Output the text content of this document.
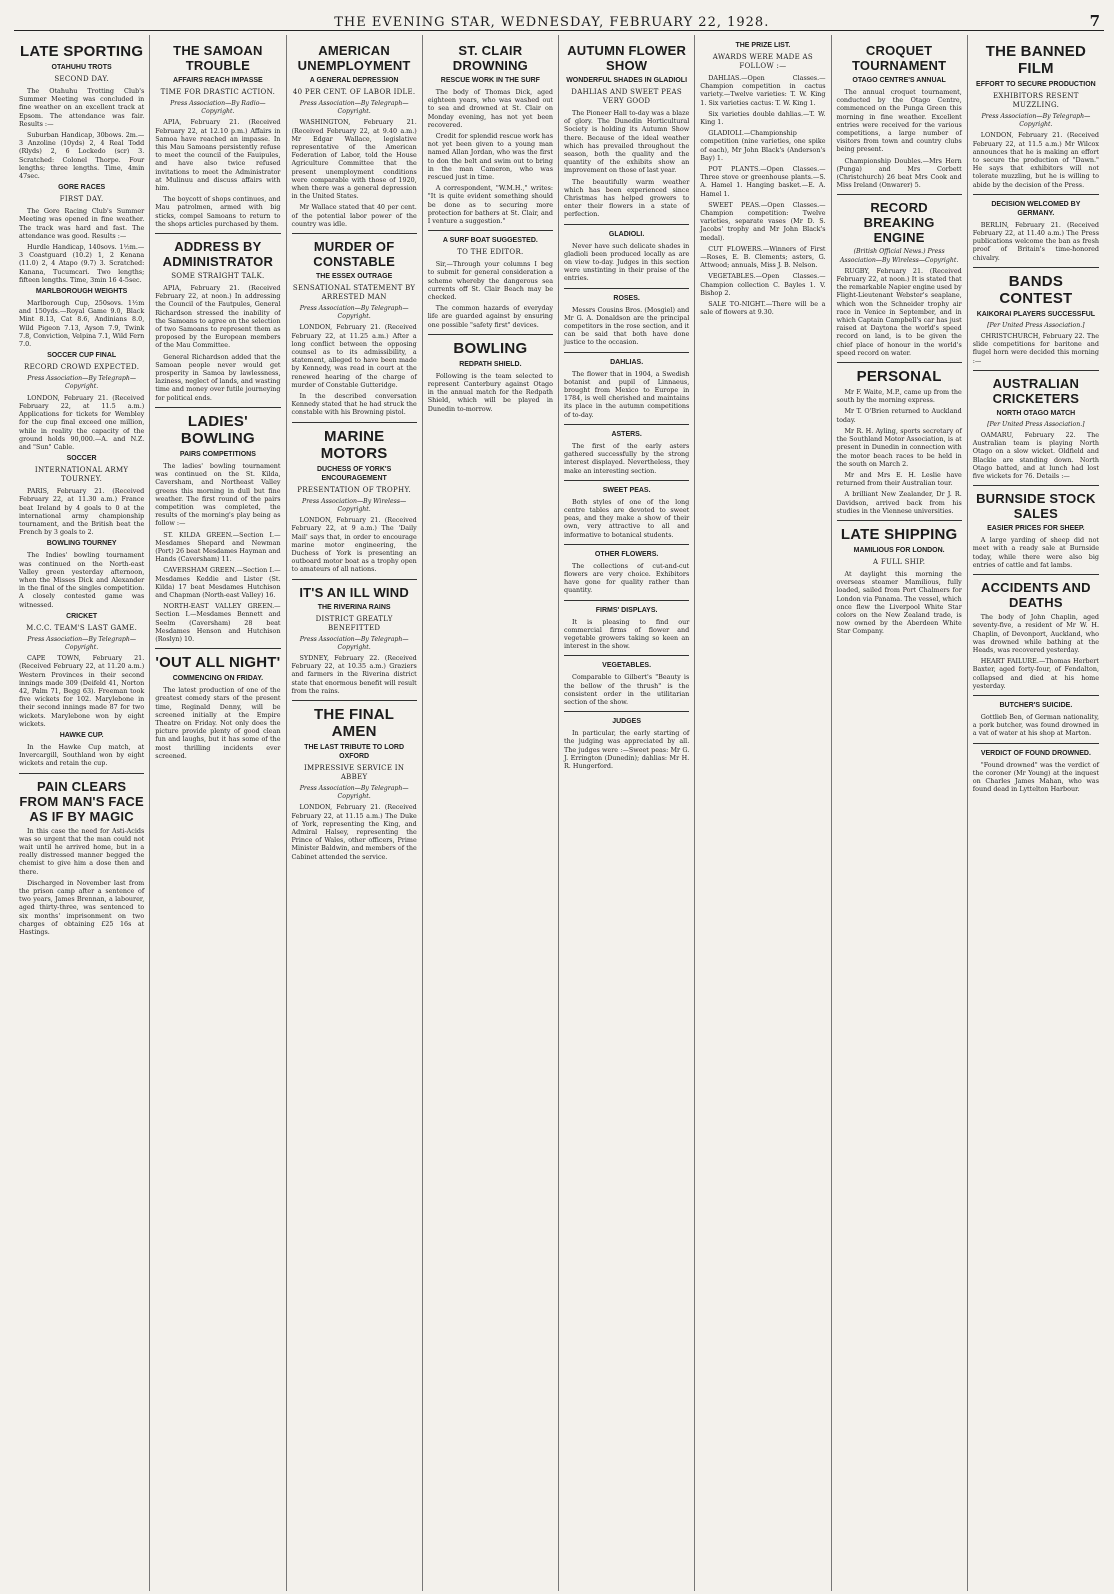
THE EVENING STAR, WEDNESDAY, FEBRUARY 22, 1928.	7
LATE SPORTING
OTAHUHU TROTS
SECOND DAY.

The Otahuhu Trotting Club's Summer Meeting was concluded in fine weather on an excellent track at Epsom. The attendance was fair. Results :—

Suburban Handicap, 30bows. 2m.—3 Anzoline (10yds) 2, 4 Real Todd (Rlyds) 2, 6 Lockedo (scr) 3. Scratched: Colonel Thorpe. Four lengths; three lengths. Time, 4min 47sec.

GORE RACES
FIRST DAY.

The Gore Racing Club's Summer Meeting was opened in fine weather. The track was hard and fast. The attendance was good. Results :—

Hurdle Handicap, 140sovs. 1½m.—3 Coastguard (10.2) 1, 2 Kenana (11.0) 2, 4 Atapo (9.7) 3. Scratched: Kanana, Tucumcari. Two lengths; fifteen lengths. Time, 3min 16 4-5sec.

MARLBOROUGH WEIGHTS

Marlborough Cup, 250sovs. 1½m and 150yds.—Royal Game 9.0, Black Mint 8.13, Cat 8.6, Andinians 8.0, Wild Pigeon 7.13, Ayson 7.9, Twink 7.8, Conviction, Velpina 7.1, Wild Fern 7.0.

SOCCER CUP FINAL
RECORD CROWD EXPECTED.
Press Association—By Telegraph—Copyright.

LONDON, February 21. (Received February 22, at 11.5 a.m.) Applications for tickets for Wembley for the cup final exceed one million, while in reality the capacity of the ground holds 90,000.—A. and N.Z. and "Sun" Cable.

SOCCER
INTERNATIONAL ARMY TOURNEY.

PARIS, February 21. (Received February 22, at 11.30 a.m.) France beat Ireland by 4 goals to 0 at the international army championship tournament, and the British beat the French by 3 goals to 2.

BOWLING TOURNEY

The Indies' bowling tournament was continued on the North-east Valley green yesterday afternoon, when the Misses Dick and Alexander in the final of the singles competition. A closely contested game was witnessed.

CRICKET
M.C.C. TEAM'S LAST GAME.
Press Association—By Telegraph—Copyright.

CAPE TOWN, February 21. (Received February 22, at 11.20 a.m.) Western Provinces in their second innings made 309 (Deifeld 41, Norton 42, Palm 71, Begg 63). Freeman took five wickets for 102. Marylebone in their second innings made 87 for two wickets. Marylebone won by eight wickets.

HAWKE CUP.

In the Hawke Cup match, at Invercargill, Southland won by eight wickets and retain the cup.

PAIN CLEARS FROM MAN'S FACE AS IF BY MAGIC

In this case the need for Asti-Acids was so urgent that the man could not wait until he arrived home, but in a really distressed manner begged the chemist to give him a dose then and there.

Discharged in November last from the prison camp after a sentence of two years, James Brennan, a labourer, aged thirty-three, was sentenced to six months' imprisonment on two charges of obtaining £25 16s at Hastings.

THE SAMOAN TROUBLE
AFFAIRS REACH IMPASSE
TIME FOR DRASTIC ACTION.
Press Association—By Radio—Copyright.

APIA, February 21. (Received February 22, at 12.10 p.m.) Affairs in Samoa have reached an impasse. In this Mau Samoans persistently refuse to meet the council of the Fauipules, and have also twice refused invitations to meet the Administrator at Mulinuu and discuss affairs with him.

The boycott of shops continues, and Mau patrolmen, armed with big sticks, compel Samoans to return to the shops articles purchased by them.

ADDRESS BY ADMINISTRATOR
SOME STRAIGHT TALK.

APIA, February 21. (Received February 22, at noon.) In addressing the Council of the Fautpules, General Richardson stressed the inability of the Samoans to agree on the selection of two Samoans to represent them as proposed by the European members of the Mau Committee.

General Richardson added that the Samoan people never would get prosperity in Samoa by lawlessness, laziness, neglect of lands, and wasting time and money over futile journeying for political ends.

LADIES' BOWLING
PAIRS COMPETITIONS

The ladies' bowling tournament was continued on the St. Kilda, Caversham, and Northeast Valley greens this morning in dull but fine weather. The first round of the pairs competition was completed, the results of the morning's play being as follow :—

ST. KILDA GREEN.—Section I.—Mesdames Shepard and Newman (Port) 26 beat Mesdames Hayman and Hands (Caversham) 11.

CAVERSHAM GREEN.—Section I.—Mesdames Keddie and Lister (St. Kilda) 17 beat Mesdames Hutchison and Chapman (North-east Valley) 16.

NORTH-EAST VALLEY GREEN.—Section I.—Mesdames Bennett and Seelm (Caversham) 28 beat Mesdames Henson and Hutchison (Roslyn) 10.

'OUT ALL NIGHT'
COMMENCING ON FRIDAY.

The latest production of one of the greatest comedy stars of the present time, Reginald Denny, will be screened initially at the Empire Theatre on Friday. Not only does the picture provide plenty of good clean fun and laughs, but it has some of the most thrilling incidents ever screened.

AMERICAN UNEMPLOYMENT
A GENERAL DEPRESSION
40 PER CENT. OF LABOR IDLE.
Press Association—By Telegraph—Copyright.

WASHINGTON, February 21. (Received February 22, at 9.40 a.m.) Mr Edgar Wallace, legislative representative of the American Federation of Labor, told the House Agriculture Committee that the present unemployment conditions were comparable with those of 1920, when there was a general depression in the United States.

Mr Wallace stated that 40 per cent. of the potential labor power of the country was idle.

MURDER OF CONSTABLE
THE ESSEX OUTRAGE
SENSATIONAL STATEMENT BY ARRESTED MAN
Press Association—By Telegraph—Copyright.

LONDON, February 21. (Received February 22, at 11.25 a.m.) After a long conflict between the opposing counsel as to its admissibility, a statement, alleged to have been made by Kennedy, was read in court at the renewed hearing of the charge of murder of Constable Gutteridge.

In the described conversation Kennedy stated that he had struck the constable with his Browning pistol.

MARINE MOTORS
DUCHESS OF YORK'S ENCOURAGEMENT
PRESENTATION OF TROPHY.
Press Association—By Wireless—Copyright.

LONDON, February 21. (Received February 22, at 9 a.m.) The 'Daily Mail' says that, in order to encourage marine motor engineering, the Duchess of York is presenting an outboard motor boat as a trophy open to amateurs of all nations.

IT'S AN ILL WIND
THE RIVERINA RAINS
DISTRICT GREATLY BENEFITTED
Press Association—By Telegraph—Copyright.

SYDNEY, February 22. (Received February 22, at 10.35 a.m.) Graziers and farmers in the Riverina district state that enormous benefit will result from the rains.

THE FINAL AMEN
THE LAST TRIBUTE TO LORD OXFORD
IMPRESSIVE SERVICE IN ABBEY
Press Association—By Telegraph—Copyright.

LONDON, February 21. (Received February 22, at 11.15 a.m.) The Duke of York, representing the King, and Admiral Halsey, representing the Prince of Wales, other officers, Prime Minister Baldwin, and members of the Cabinet attended the service.

ST. CLAIR DROWNING
RESCUE WORK IN THE SURF

The body of Thomas Dick, aged eighteen years, who was washed out to sea and drowned at St. Clair on Monday evening, has not yet been recovered.

Credit for splendid rescue work has not yet been given to a young man named Allan Jordan, who was the first to don the belt and swim out to bring in the man Cameron, who was rescued just in time.

A correspondent, "W.M.H.," writes: "It is quite evident something should be done as to securing more protection for bathers at St. Clair, and I venture a suggestion."

A SURF BOAT SUGGESTED.
TO THE EDITOR.

Sir,—Through your columns I beg to submit for general consideration a scheme whereby the dangerous sea currents off St. Clair Beach may be checked.

The common hazards of everyday life are guarded against by ensuring one possible "safety first" devices.

BOWLING
REDPATH SHIELD.

Following is the team selected to represent Canterbury against Otago in the annual match for the Redpath Shield, which will be played in Dunedin to-morrow.

AUTUMN FLOWER SHOW
WONDERFUL SHADES IN GLADIOLI
DAHLIAS AND SWEET PEAS VERY GOOD

The Pioneer Hall to-day was a blaze of glory. The Dunedin Horticultural Society is holding its Autumn Show there. Because of the ideal weather which has prevailed throughout the season, both the quality and the quantity of the exhibits show an improvement on those of last year.

The beautifully warm weather which has been experienced since Christmas has helped growers to enter their flowers in a state of perfection.

GLADIOLI.

Never have such delicate shades in gladioli been produced locally as are on view to-day. Judges in this section were unstinting in their praise of the entries.

ROSES.

Messrs Cousins Bros. (Mosgiel) and Mr G. A. Donaldson are the principal competitors in the rose section, and it can be said that both have done justice to the occasion.

DAHLIAS.

The flower that in 1904, a Swedish botanist and pupil of Linnaeus, brought from Mexico to Europe in 1784, is well cherished and maintains its place in the autumn competitions of to-day.

ASTERS.

The first of the early asters gathered successfully by the strong interest displayed. Nevertheless, they make an interesting section.

SWEET PEAS.

Both styles of one of the long centre tables are devoted to sweet peas, and they make a show of their own, very attractive to all and informative to botanical students.

OTHER FLOWERS.

The collections of cut-and-cut flowers are very choice. Exhibitors have gone for quality rather than quantity.

FIRMS' DISPLAYS.

It is pleasing to find our commercial firms of flower and vegetable growers taking so keen an interest in the show.

VEGETABLES.

Comparable to Gilbert's "Beauty is the bellow of the thrush" is the consistent order in the utilitarian section of the show.

JUDGES

In particular, the early starting of the judging was appreciated by all. The judges were :—Sweet peas: Mr G. J. Errington (Dunedin); dahlias: Mr H. R. Hungerford.

THE PRIZE LIST.
AWARDS WERE MADE AS FOLLOW :—

DAHLIAS.—Open Classes.—Champion competition in cactus variety.—Twelve varieties: T. W. King 1. Six varieties cactus: T. W. King 1.

Six varieties double dahlias.—T. W. King 1.

GLADIOLI.—Championship competition (nine varieties, one spike of each), Mr John Black's (Anderson's Bay) 1.

POT PLANTS.—Open Classes.—Three stove or greenhouse plants.—S. A. Hamel 1. Hanging basket.—E. A. Hamel 1.

SWEET PEAS.—Open Classes.—Champion competition: Twelve varieties, separate vases (Mr D. S. Jacobs' trophy and Mr John Black's medal).

CUT FLOWERS.—Winners of First—Roses, E. B. Clements; asters, G. Attwood; annuals, Miss J. B. Nelson.

VEGETABLES.—Open Classes.—Champion collection C. Bayles 1. V. Bishop 2.

SALE TO-NIGHT.—There will be a sale of flowers at 9.30.

CROQUET TOURNAMENT
OTAGO CENTRE'S ANNUAL

The annual croquet tournament, conducted by the Otago Centre, commenced on the Punga Green this morning in fine weather. Excellent entries were received for the various competitions, a large number of visitors from town and country clubs being present.

Championship Doubles.—Mrs Hern (Punga) and Mrs Corbett (Christchurch) 26 beat Mrs Cook and Miss Ireland (Onwarer) 5.

RECORD BREAKING ENGINE
(British Official News.) Press Association—By Wireless—Copyright.

RUGBY, February 21. (Received February 22, at noon.) It is stated that the remarkable Napier engine used by Flight-Lieutenant Webster's seaplane, which won the Schneider trophy air race in Venice in September, and in which Captain Campbell's car has just raised at Daytona the world's speed record on land, is to be given the chief place of honour in the world's speed record on water.

PERSONAL

Mr F. Waite, M.P., came up from the south by the morning express.

Mr T. O'Brien returned to Auckland today.

Mr R. H. Ayling, sports secretary of the Southland Motor Association, is at present in Dunedin in connection with the motor beach races to be held in the south on March 2.

Mr and Mrs E. H. Leslie have returned from their Australian tour.

A brilliant New Zealander, Dr J. R. Davidson, arrived back from his studies in the Viennese universities.

LATE SHIPPING
MAMILIOUS FOR LONDON.
A FULL SHIP.

At daylight this morning the overseas steamer Mamilious, fully loaded, sailed from Port Chalmers for London via Panama. The vessel, which once flew the Liverpool White Star colors on the New Zealand trade, is now owned by the Aberdeen White Star Company.

THE BANNED FILM
EFFORT TO SECURE PRODUCTION
EXHIBITORS RESENT MUZZLING.
Press Association—By Telegraph—Copyright.

LONDON, February 21. (Received February 22, at 11.5 a.m.) Mr Wilcox announces that he is making an effort to secure the production of "Dawn." He says that exhibitors will not tolerate muzzling, but he is willing to abide by the decision of the Press.

DECISION WELCOMED BY GERMANY.

BERLIN, February 21. (Received February 22, at 11.40 a.m.) The Press publications welcome the ban as fresh proof of Britain's time-honored chivalry.

BANDS CONTEST
KAIKORAI PLAYERS SUCCESSFUL
[Per United Press Association.]

CHRISTCHURCH, February 22. The slide competitions for baritone and flugel horn were decided this morning :—

AUSTRALIAN CRICKETERS
NORTH OTAGO MATCH
[Per United Press Association.]

OAMARU, February 22. The Australian team is playing North Otago on a slow wicket. Oldfield and Blackie are standing down. North Otago batted, and at lunch had lost five wickets for 76. Details :—

BURNSIDE STOCK SALES
EASIER PRICES FOR SHEEP.

A large yarding of sheep did not meet with a ready sale at Burnside today, while there were also big entries of cattle and fat lambs.

ACCIDENTS AND DEATHS

The body of John Chaplin, aged seventy-five, a resident of Mr W. H. Chaplin, of Devonport, Auckland, who was drowned while bathing at the Heads, was recovered yesterday.

HEART FAILURE.—Thomas Herbert Baxter, aged forty-four, of Fendalton, collapsed and died at his home yesterday.

BUTCHER'S SUICIDE.

Gottlieb Ben, of German nationality, a pork butcher, was found drowned in a vat of water at his shop at Marton.

VERDICT OF FOUND DROWNED.

"Found drowned" was the verdict of the coroner (Mr Young) at the inquest on Charles James Mahan, who was found dead in Lyttelton Harbour.
